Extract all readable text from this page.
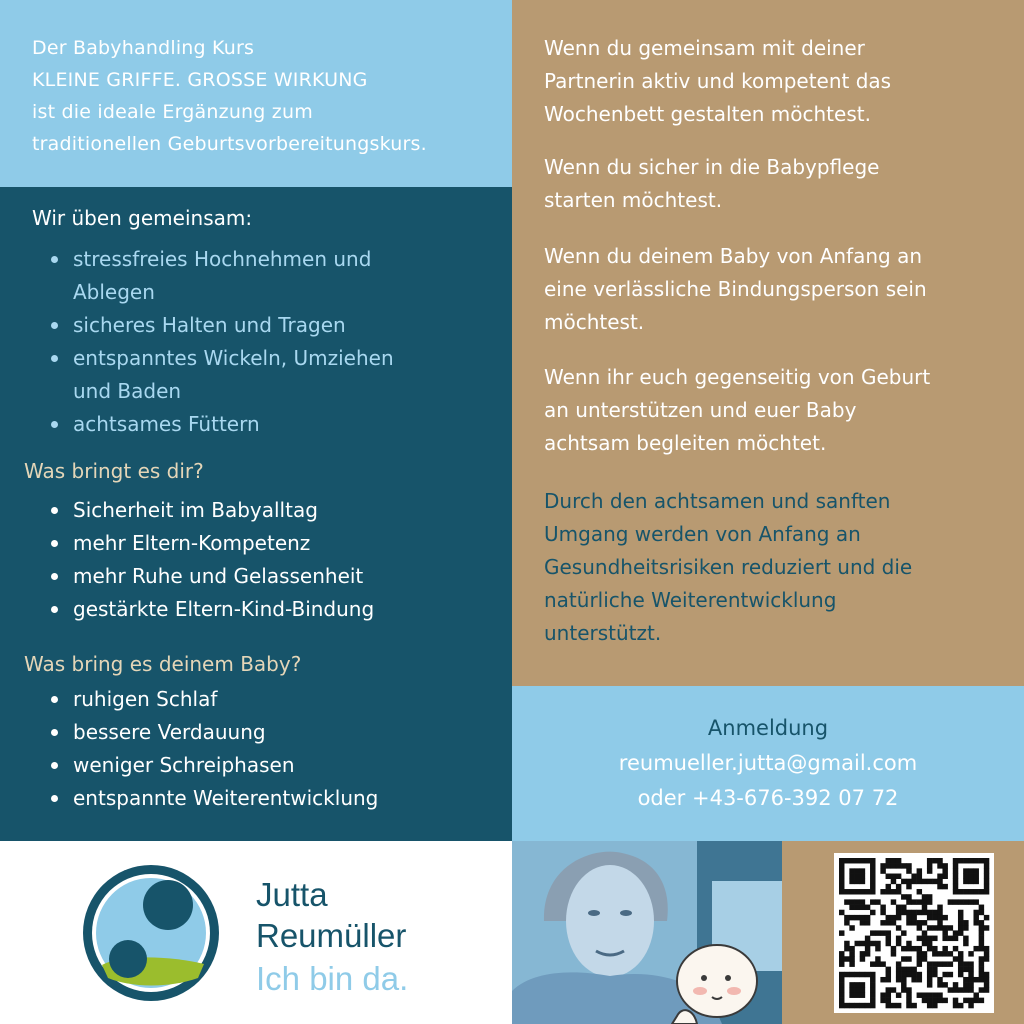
Der Babyhandling Kurs

KLEINE GRIFFE. GROSSE WIRKUNG

ist die ideale Ergänzung zum

traditionellen Geburtsvorbereitungskurs.

Wir üben gemeinsam:
stressfreies Hochnehmen und
Ablegen
sicheres Halten und Tragen
entspanntes Wickeln, Umziehen
und Baden
achtsames Füttern
Was bringt es dir?
Sicherheit im Babyalltag
mehr Eltern-Kompetenz
mehr Ruhe und Gelassenheit
gestärkte Eltern-Kind-Bindung
Was bring es deinem Baby?
ruhigen Schlaf
bessere Verdauung
weniger Schreiphasen
entspannte Weiterentwicklung
Wenn du gemeinsam mit deiner
Partnerin aktiv und kompetent das
Wochenbett gestalten möchtest.
Wenn du sicher in die Babypflege
starten möchtest.
Wenn du deinem Baby von Anfang an
eine verlässliche Bindungsperson sein
möchtest.
Wenn ihr euch gegenseitig von Geburt
an unterstützen und euer Baby
achtsam begleiten möchtet.
Durch den achtsamen und sanften
Umgang werden von Anfang an
Gesundheitsrisiken reduziert und die
natürliche Weiterentwicklung
unterstützt.
Anmeldung
reumueller.jutta@gmail.com
oder +43-676-392 07 72
Jutta
Reumüller
Ich bin da.
